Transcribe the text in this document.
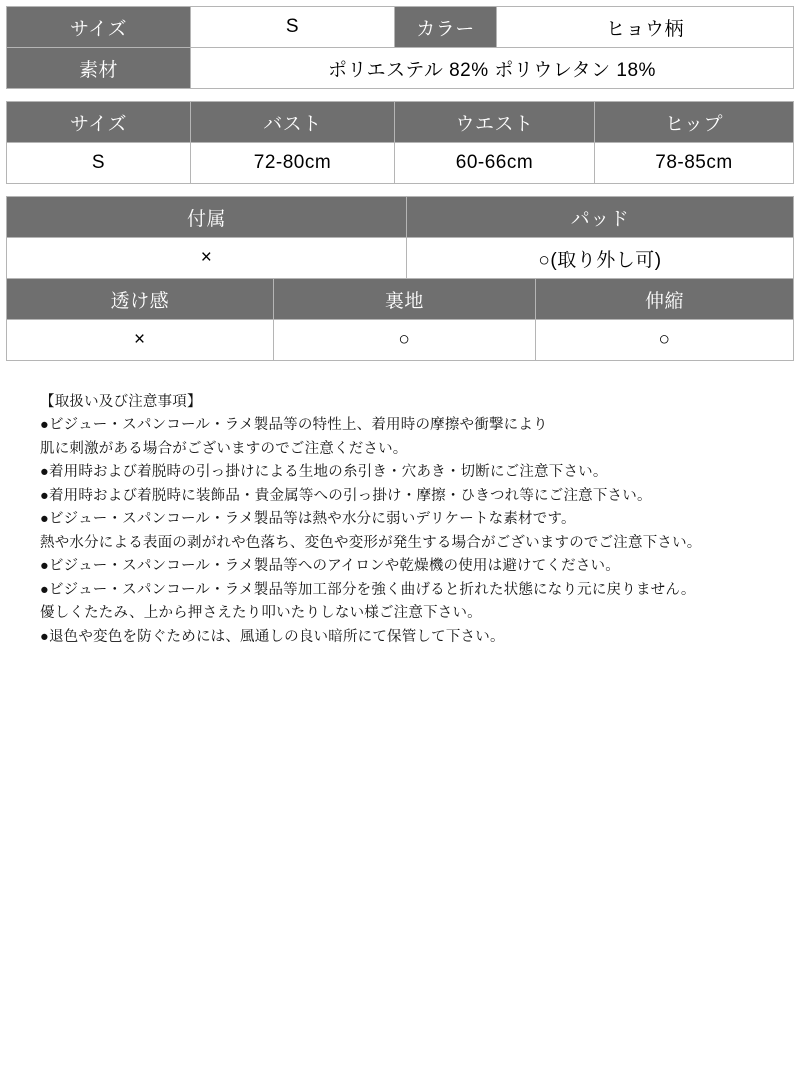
サイズ	S	カラー	ヒョウ柄
素材	ポリエステル 82% ポリウレタン 18%		
サイズ	バスト	ウエスト	ヒップ
S	72-80cm	60-66cm	78-85cm
付属		パッド	
×		○(取り外し可)	
透け感	裏地		伸縮
×	○		○
【取扱い及び注意事項】
●ビジュー・スパンコール・ラメ製品等の特性上、着用時の摩擦や衝撃により
肌に刺激がある場合がございますのでご注意ください。
●着用時および着脱時の引っ掛けによる生地の糸引き・穴あき・切断にご注意下さい。
●着用時および着脱時に装飾品・貴金属等への引っ掛け・摩擦・ひきつれ等にご注意下さい。
●ビジュー・スパンコール・ラメ製品等は熱や水分に弱いデリケートな素材です。
熱や水分による表面の剥がれや色落ち、変色や変形が発生する場合がございますのでご注意下さい。
●ビジュー・スパンコール・ラメ製品等へのアイロンや乾燥機の使用は避けてください。
●ビジュー・スパンコール・ラメ製品等加工部分を強く曲げると折れた状態になり元に戻りません。
優しくたたみ、上から押さえたり叩いたりしない様ご注意下さい。
●退色や変色を防ぐためには、風通しの良い暗所にて保管して下さい。
